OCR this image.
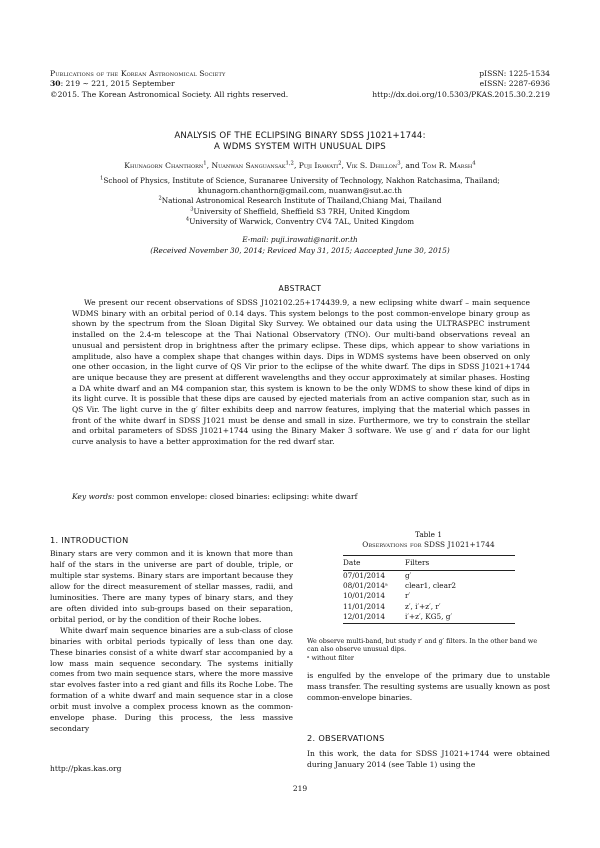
Publications of the Korean Astronomical Society
30: 219 ∼ 221, 2015 September
©2015. The Korean Astronomical Society. All rights reserved.
pISSN: 1225-1534
eISSN: 2287-6936
http://dx.doi.org/10.5303/PKAS.2015.30.2.219
ANALYSIS OF THE ECLIPSING BINARY SDSS J1021+1744:
A WDMS SYSTEM WITH UNUSUAL DIPS
Khunagorn Chanthorn$^1$, Nuanwan Sanguansak$^{1,2}$, Puji Irawati$^2$, Vik S. Dhillon$^3$, and Tom R. Marsh$^4$
$^1$School of Physics, Institute of Science, Suranaree University of Technology, Nakhon Ratchasima, Thailand;
khunagorn.chanthorn@gmail.com, nuanwan@sut.ac.th
$^2$National Astronomical Research Institute of Thailand,Chiang Mai, Thailand
$^3$University of Sheffield, Sheffield S3 7RH, United Kingdom
$^4$University of Warwick, Conventry CV4 7AL, United Kingdom
E-mail: puji.irawati@narit.or.th
(Received November 30, 2014; Reviced May 31, 2015; Aaccepted June 30, 2015)
ABSTRACT
We present our recent observations of SDSS J102102.25+174439.9, a new eclipsing white dwarf – main sequence WDMS binary with an orbital period of 0.14 days. This system belongs to the post common-envelope binary group as shown by the spectrum from the Sloan Digital Sky Survey. We obtained our data using the ULTRASPEC instrument installed on the 2.4-m telescope at the Thai National Observatory (TNO). Our multi-band observations reveal an unusual and persistent drop in brightness after the primary eclipse. These dips, which appear to show variations in amplitude, also have a complex shape that changes within days. Dips in WDMS systems have been observed on only one other occasion, in the light curve of QS Vir prior to the eclipse of the white dwarf. The dips in SDSS J1021+1744 are unique because they are present at different wavelengths and they occur approximately at similar phases. Hosting a DA white dwarf and an M4 companion star, this system is known to be the only WDMS to show these kind of dips in its light curve. It is possible that these dips are caused by ejected materials from an active companion star, such as in QS Vir. The light curve in the g′ filter exhibits deep and narrow features, implying that the material which passes in front of the white dwarf in SDSS J1021 must be dense and small in size. Furthermore, we try to constrain the stellar and orbital parameters of SDSS J1021+1744 using the Binary Maker 3 software. We use g′ and r′ data for our light curve analysis to have a better approximation for the red dwarf star.
Key words: post common envelope: closed binaries: eclipsing: white dwarf
1. INTRODUCTION

Binary stars are very common and it is known that more than half of the stars in the universe are part of double, triple, or multiple star systems. Binary stars are important because they allow for the direct measurement of stellar masses, radii, and luminosities. There are many types of binary stars, and they are often divided into sub-groups based on their separation, orbital period, or by the condition of their Roche lobes.

White dwarf main sequence binaries are a sub-class of close binaries with orbital periods typically of less than one day. These binaries consist of a white dwarf star accompanied by a low mass main sequence secondary. The systems initially comes from two main sequence stars, where the more massive star evolves faster into a red giant and fills its Roche Lobe. The formation of a white dwarf and main sequence star in a close orbit must involve a complex process known as the common-envelope phase. During this process, the less massive secondary

Table 1
Observations for SDSS J1021+1744
Date	Filters
07/01/2014	g′
08/01/2014ᵃ	clear1, clear2
10/01/2014	r′
11/01/2014	z′, i′+z′, r′
12/01/2014	i′+z′, KG5, g′
We observe multi-band, but study r′ and g′ filters. In the other band we can also observe unusual dips.
ᵃ without filter

is engulfed by the envelope of the primary due to unstable mass transfer. The resulting systems are usually known as post common-envelope binaries.

2. OBSERVATIONS

In this work, the data for SDSS J1021+1744 were obtained during January 2014 (see Table 1) using the

http://pkas.kas.org
219
